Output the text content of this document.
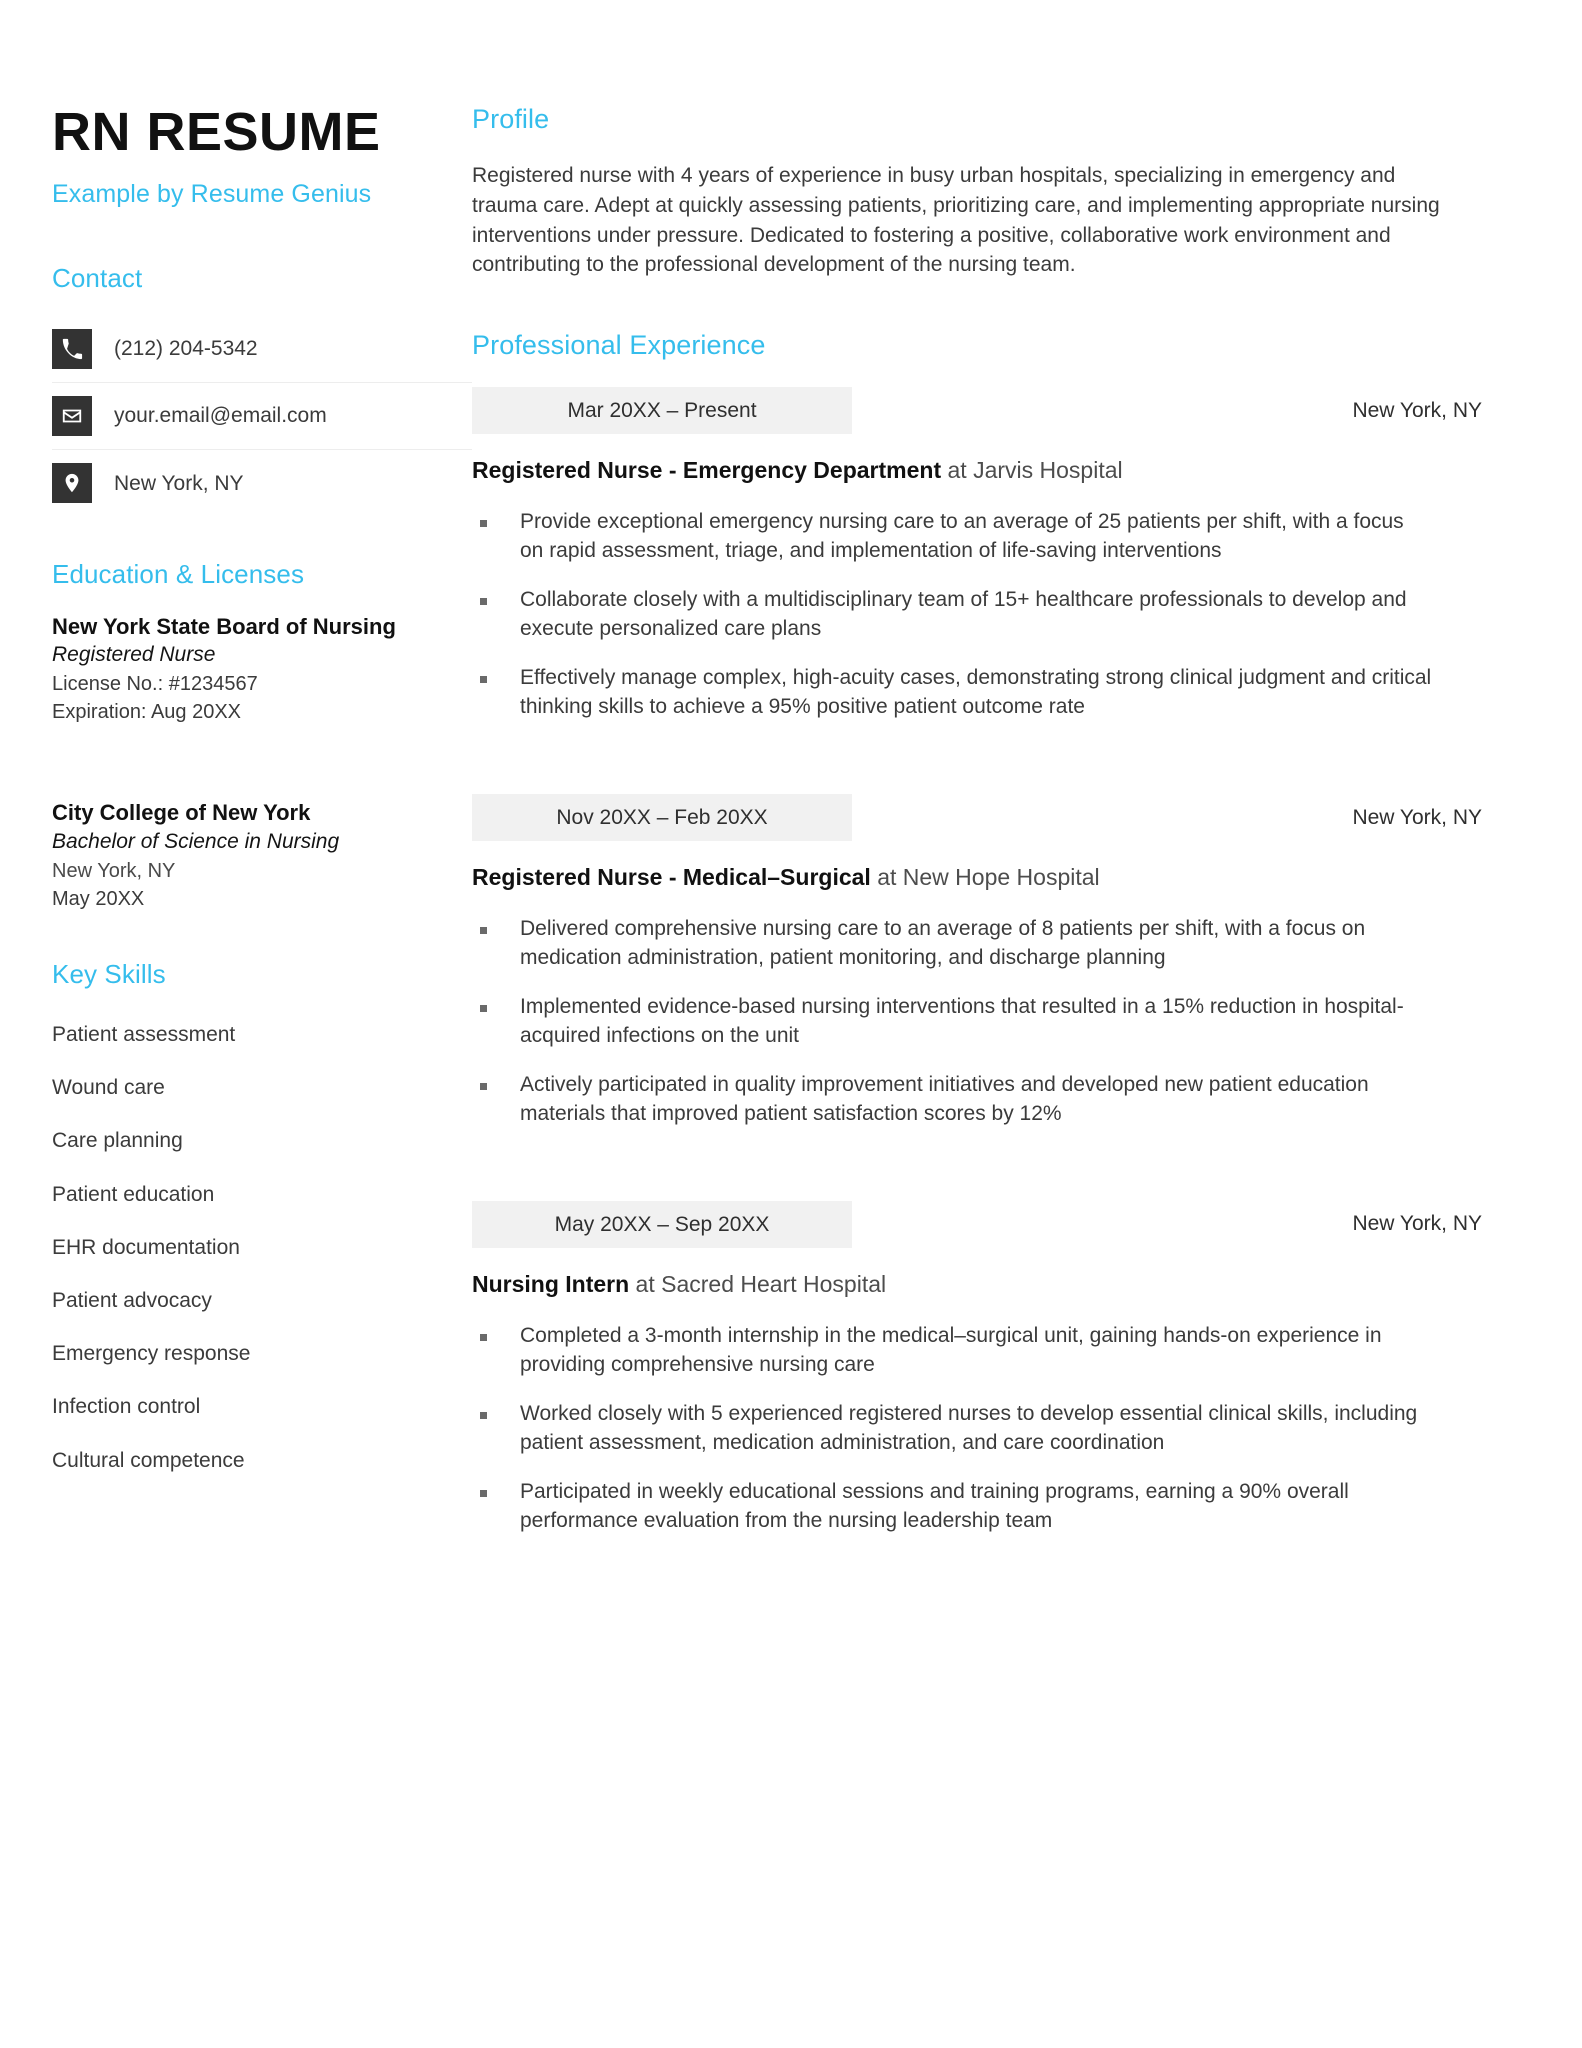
RN RESUME
Example by Resume Genius
Contact
(212) 204-5342
your.email@email.com
New York, NY
Education & Licenses
New York State Board of Nursing
Registered Nurse
License No.: #1234567
Expiration: Aug 20XX
City College of New York
Bachelor of Science in Nursing
New York, NY
May 20XX
Key Skills
Patient assessment
Wound care
Care planning
Patient education
EHR documentation
Patient advocacy
Emergency response
Infection control
Cultural competence
Profile

Registered nurse with 4 years of experience in busy urban hospitals, specializing in emergency and trauma care. Adept at quickly assessing patients, prioritizing care, and implementing appropriate nursing interventions under pressure. Dedicated to fostering a positive, collaborative work environment and contributing to the professional development of the nursing team.

Professional Experience
Mar 20XX – Present	New York, NY
Registered Nurse - Emergency Department at Jarvis Hospital
Provide exceptional emergency nursing care to an average of 25 patients per shift, with a focus on rapid assessment, triage, and implementation of life-saving interventions
Collaborate closely with a multidisciplinary team of 15+ healthcare professionals to develop and execute personalized care plans
Effectively manage complex, high-acuity cases, demonstrating strong clinical judgment and critical thinking skills to achieve a 95% positive patient outcome rate
Nov 20XX – Feb 20XX	New York, NY
Registered Nurse - Medical–Surgical at New Hope Hospital
Delivered comprehensive nursing care to an average of 8 patients per shift, with a focus on medication administration, patient monitoring, and discharge planning
Implemented evidence-based nursing interventions that resulted in a 15% reduction in hospital-acquired infections on the unit
Actively participated in quality improvement initiatives and developed new patient education materials that improved patient satisfaction scores by 12%
May 20XX – Sep 20XX	New York, NY
Nursing Intern at Sacred Heart Hospital
Completed a 3-month internship in the medical–surgical unit, gaining hands-on experience in providing comprehensive nursing care
Worked closely with 5 experienced registered nurses to develop essential clinical skills, including patient assessment, medication administration, and care coordination
Participated in weekly educational sessions and training programs, earning a 90% overall performance evaluation from the nursing leadership team
